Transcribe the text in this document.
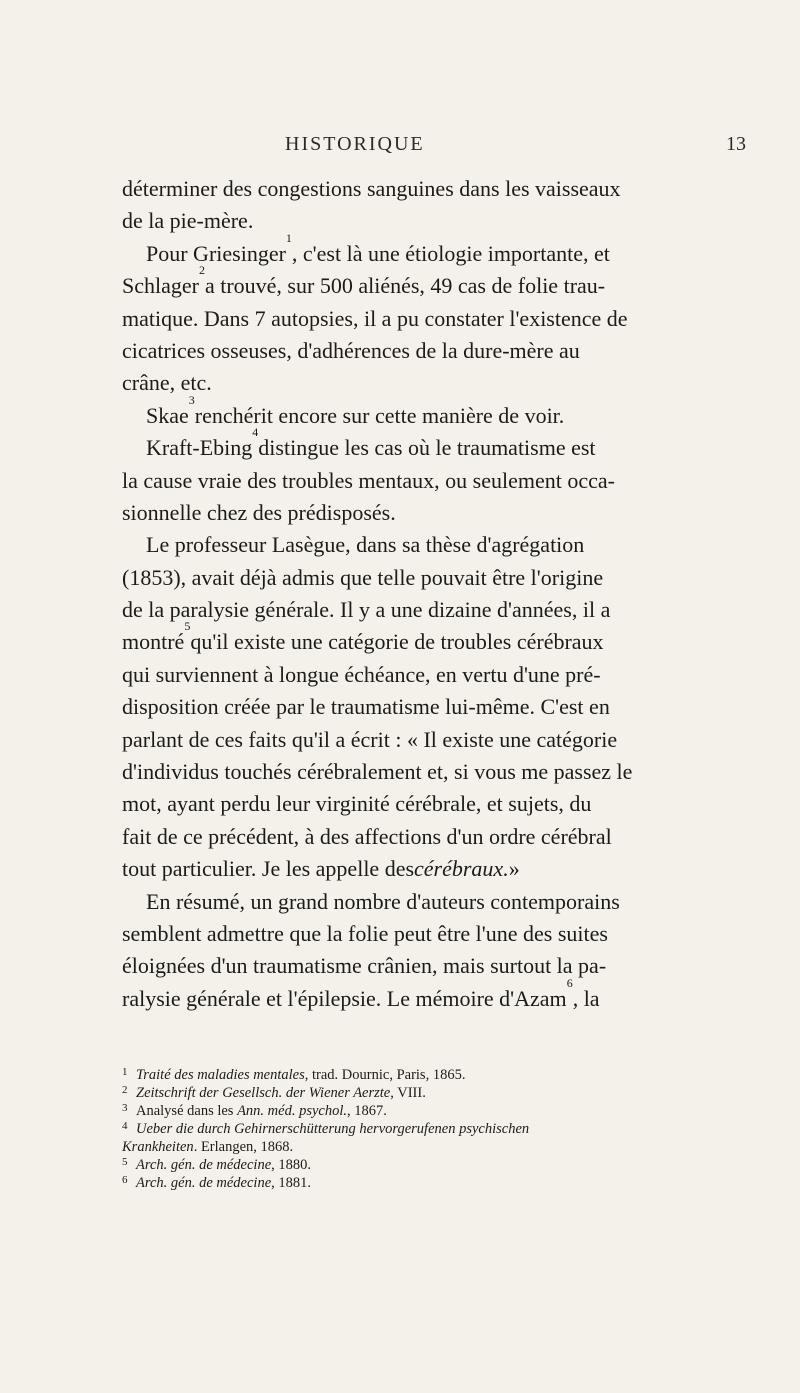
HISTORIQUE	13
déterminer des congestions sanguines dans les vaisseaux
de la pie-mère.
Pour Griesinger
1
, c'est là une étiologie importante, et
Schlager
2
a trouvé, sur 500 aliénés, 49 cas de folie trau-
matique. Dans 7 autopsies, il a pu constater l'existence de
cicatrices osseuses, d'adhérences de la dure-mère au
crâne, etc.
Skae
3
renchérit encore sur cette manière de voir.
Kraft-Ebing
4
distingue les cas où le traumatisme est
la cause vraie des troubles mentaux, ou seulement occa-
sionnelle chez des prédisposés.
Le professeur Lasègue, dans sa thèse d'agrégation
(1853), avait déjà admis que telle pouvait être l'origine
de la paralysie générale. Il y a une dizaine d'années, il a
montré
5
qu'il existe une catégorie de troubles cérébraux
qui surviennent à longue échéance, en vertu d'une pré-
disposition créée par le traumatisme lui-même. C'est en
parlant de ces faits qu'il a écrit : « Il existe une catégorie
d'individus touchés cérébralement et, si vous me passez le
mot, ayant perdu leur virginité cérébrale, et sujets, du
fait de ce précédent, à des affections d'un ordre cérébral
tout particulier. Je les appelle des cérébraux. »
En résumé, un grand nombre d'auteurs contemporains
semblent admettre que la folie peut être l'une des suites
éloignées d'un traumatisme crânien, mais surtout la pa-
ralysie générale et l'épilepsie. Le mémoire d'Azam
6
, la
1 Traité des maladies mentales, trad. Dournic, Paris, 1865.
2 Zeitschrift der Gesellsch. der Wiener Aerzte, VIII.
3 Analysé dans les Ann. méd. psychol., 1867.
4 Ueber die durch Gehirnerschütterung hervorgerufenen psychischen
Krankheiten. Erlangen, 1868.
5 Arch. gén. de médecine, 1880.
6 Arch. gén. de médecine, 1881.
